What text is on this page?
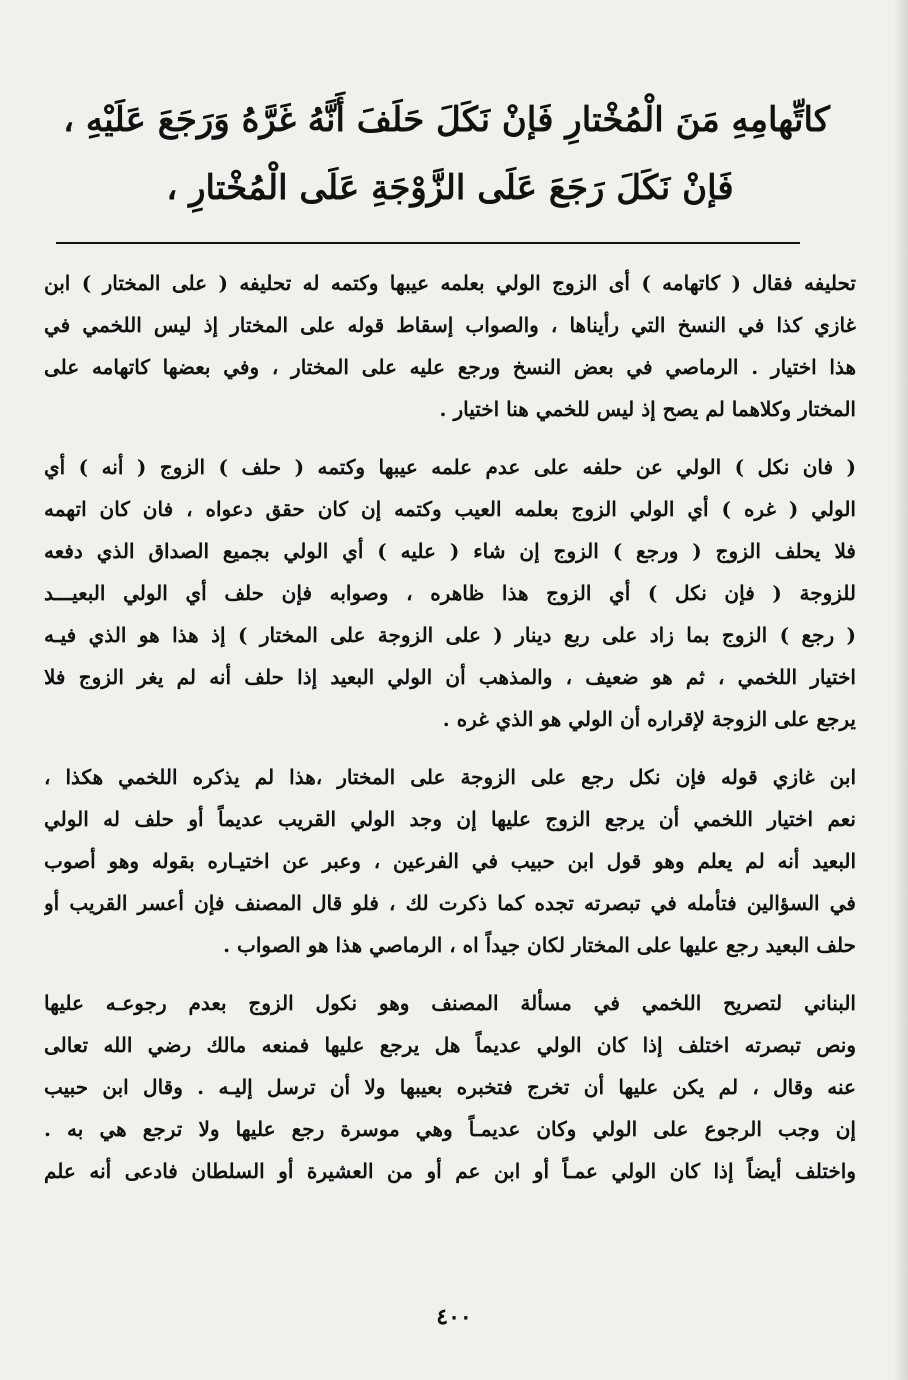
كاتِّهامِهِ مَنَ الْمُخْتارِ فَإنْ نَكَلَ حَلَفَ أَنَّهُ غَرَّهُ وَرَجَعَ عَلَيْهِ ،
فَإنْ نَكَلَ رَجَعَ عَلَى الزَّوْجَةِ عَلَى الْمُخْتارِ ،
تحليفه فقال ( كاتهامه ) أى الزوج الولي بعلمه عيبها وكتمه له تحليفه ( على المختار ) ابن
غازي كذا في النسخ التي رأيناها ، والصواب إسقاط قوله على المختار إذ ليس اللخمي في
هذا اختيار . الرماصي في بعض النسخ ورجع عليه على المختار ، وفي بعضها كاتهامه على
المختار وكلاهما لم يصح إذ ليس للخمي هنا اختيار .
( فان نكل ) الولي عن حلفه على عدم علمه عيبها وكتمه ( حلف ) الزوج ( أنه ) أي
الولي ( غره ) أي الولي الزوج بعلمه العيب وكتمه إن كان حقق دعواه ، فان كان اتهمه
فلا يحلف الزوج ( ورجع ) الزوج إن شاء ( عليه ) أي الولي بجميع الصداق الذي دفعه
للزوجة ( فإن نكل ) أي الزوج هذا ظاهره ، وصوابه فإن حلف أي الولي البعيـــد
( رجع ) الزوج بما زاد على ربع دينار ( على الزوجة على المختار ) إذ هذا هو الذي فيـه
اختيار اللخمي ، ثم هو ضعيف ، والمذهب أن الولي البعيد إذا حلف أنه لم يغر الزوج فلا
يرجع على الزوجة لإقراره أن الولي هو الذي غره .
ابن غازي قوله فإن نكل رجع على الزوجة على المختار ،هذا لم يذكره اللخمي هكذا ،
نعم اختيار اللخمي أن يرجع الزوج عليها إن وجد الولي القريب عديماً أو حلف له الولي
البعيد أنه لم يعلم وهو قول ابن حبيب في الفرعين ، وعبر عن اختيـاره بقوله وهو أصوب
في السؤالين فتأمله في تبصرته تجده كما ذكرت لك ، فلو قال المصنف فإن أعسر القريب أو
حلف البعيد رجع عليها على المختار لكان جيداً اه ، الرماصي هذا هو الصواب .
البناني لتصريح اللخمي في مسألة المصنف وهو نكول الزوج بعدم رجوعـه عليها
ونص تبصرته اختلف إذا كان الولي عديماً هل يرجع عليها فمنعه مالك رضي الله تعالى
عنه وقال ، لم يكن عليها أن تخرج فتخبره بعيبها ولا أن ترسل إليـه . وقال ابن حبيب
إن وجب الرجوع على الولي وكان عديمـاً وهي موسرة رجع عليها ولا ترجع هي به .
واختلف أيضاً إذا كان الولي عمـاً أو ابن عم أو من العشيرة أو السلطان فادعى أنه علم
٤٠٠
